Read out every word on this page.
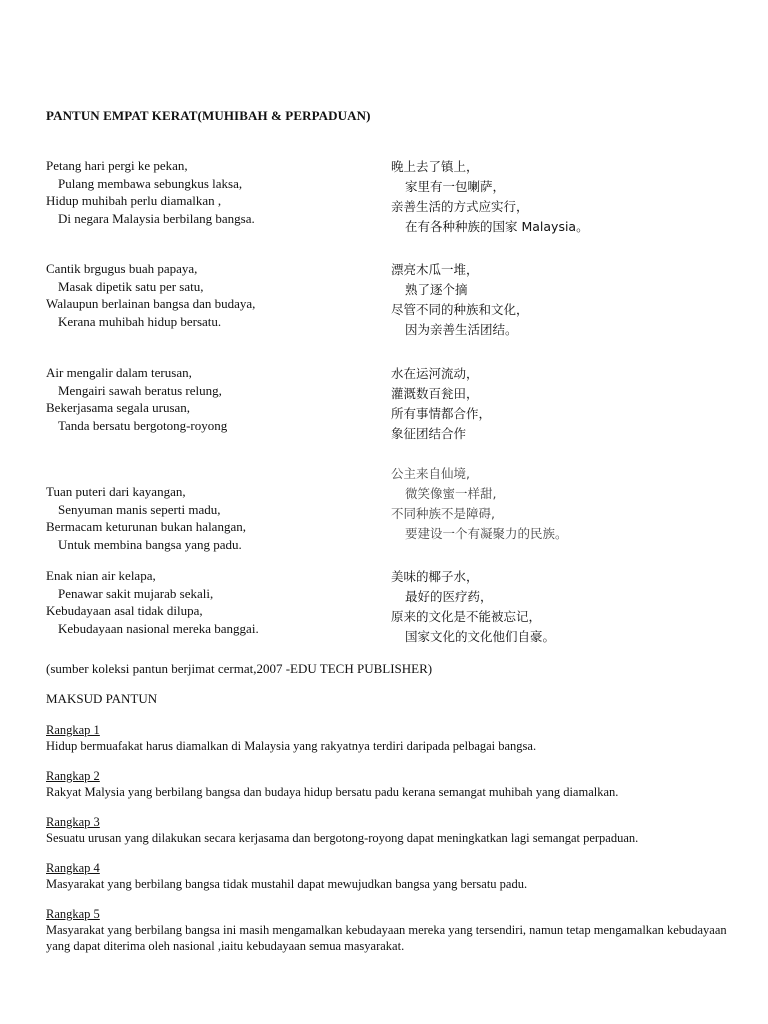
PANTUN EMPAT KERAT(MUHIBAH & PERPADUAN)
Petang hari pergi ke pekan,
Pulang membawa sebungkus laksa,
Hidup muhibah perlu diamalkan ,
Di negara Malaysia berbilang bangsa.
晚上去了镇上，
家里有一包喇萨，
亲善生活的方式应实行，
在有各种种族的国家 Malaysia。
Cantik brgugus buah papaya,
Masak dipetik satu per satu,
Walaupun berlainan bangsa dan budaya,
Kerana muhibah hidup bersatu.
漂亮木瓜一堆，
熟了逐个摘
尽管不同的种族和文化，
因为亲善生活团结。
Air mengalir dalam terusan,
Mengairi sawah beratus relung,
Bekerjasama segala urusan,
Tanda bersatu bergotong-royong
水在运河流动，
灌溉数百瓮田，
所有事情都合作，
象征团结合作
Tuan puteri dari kayangan,
Senyuman manis seperti madu,
Bermacam keturunan bukan halangan,
Untuk membina bangsa yang padu.
公主来自仙境,
微笑像蜜一样甜,
不同种族不是障碍,
要建设一个有凝聚力的民族。
Enak nian air kelapa,
Penawar sakit mujarab sekali,
Kebudayaan asal tidak dilupa,
Kebudayaan nasional mereka banggai.
美味的椰子水，
最好的医疗药，
原来的文化是不能被忘记，
国家文化的文化他们自豪。
(sumber koleksi pantun berjimat cermat,2007 -EDU TECH PUBLISHER)
MAKSUD PANTUN
Rangkap 1
Hidup bermuafakat harus diamalkan di Malaysia yang rakyatnya terdiri daripada pelbagai bangsa.
Rangkap 2
Rakyat Malysia yang berbilang bangsa dan budaya hidup bersatu padu kerana semangat muhibah yang diamalkan.
Rangkap 3
Sesuatu urusan yang dilakukan secara kerjasama dan bergotong-royong dapat meningkatkan lagi semangat perpaduan.
Rangkap 4
Masyarakat yang berbilang bangsa tidak mustahil dapat mewujudkan bangsa yang bersatu padu.
Rangkap 5
Masyarakat yang berbilang bangsa ini masih mengamalkan kebudayaan mereka yang tersendiri, namun tetap mengamalkan kebudayaan yang dapat diterima oleh nasional ,iaitu kebudayaan semua masyarakat.
